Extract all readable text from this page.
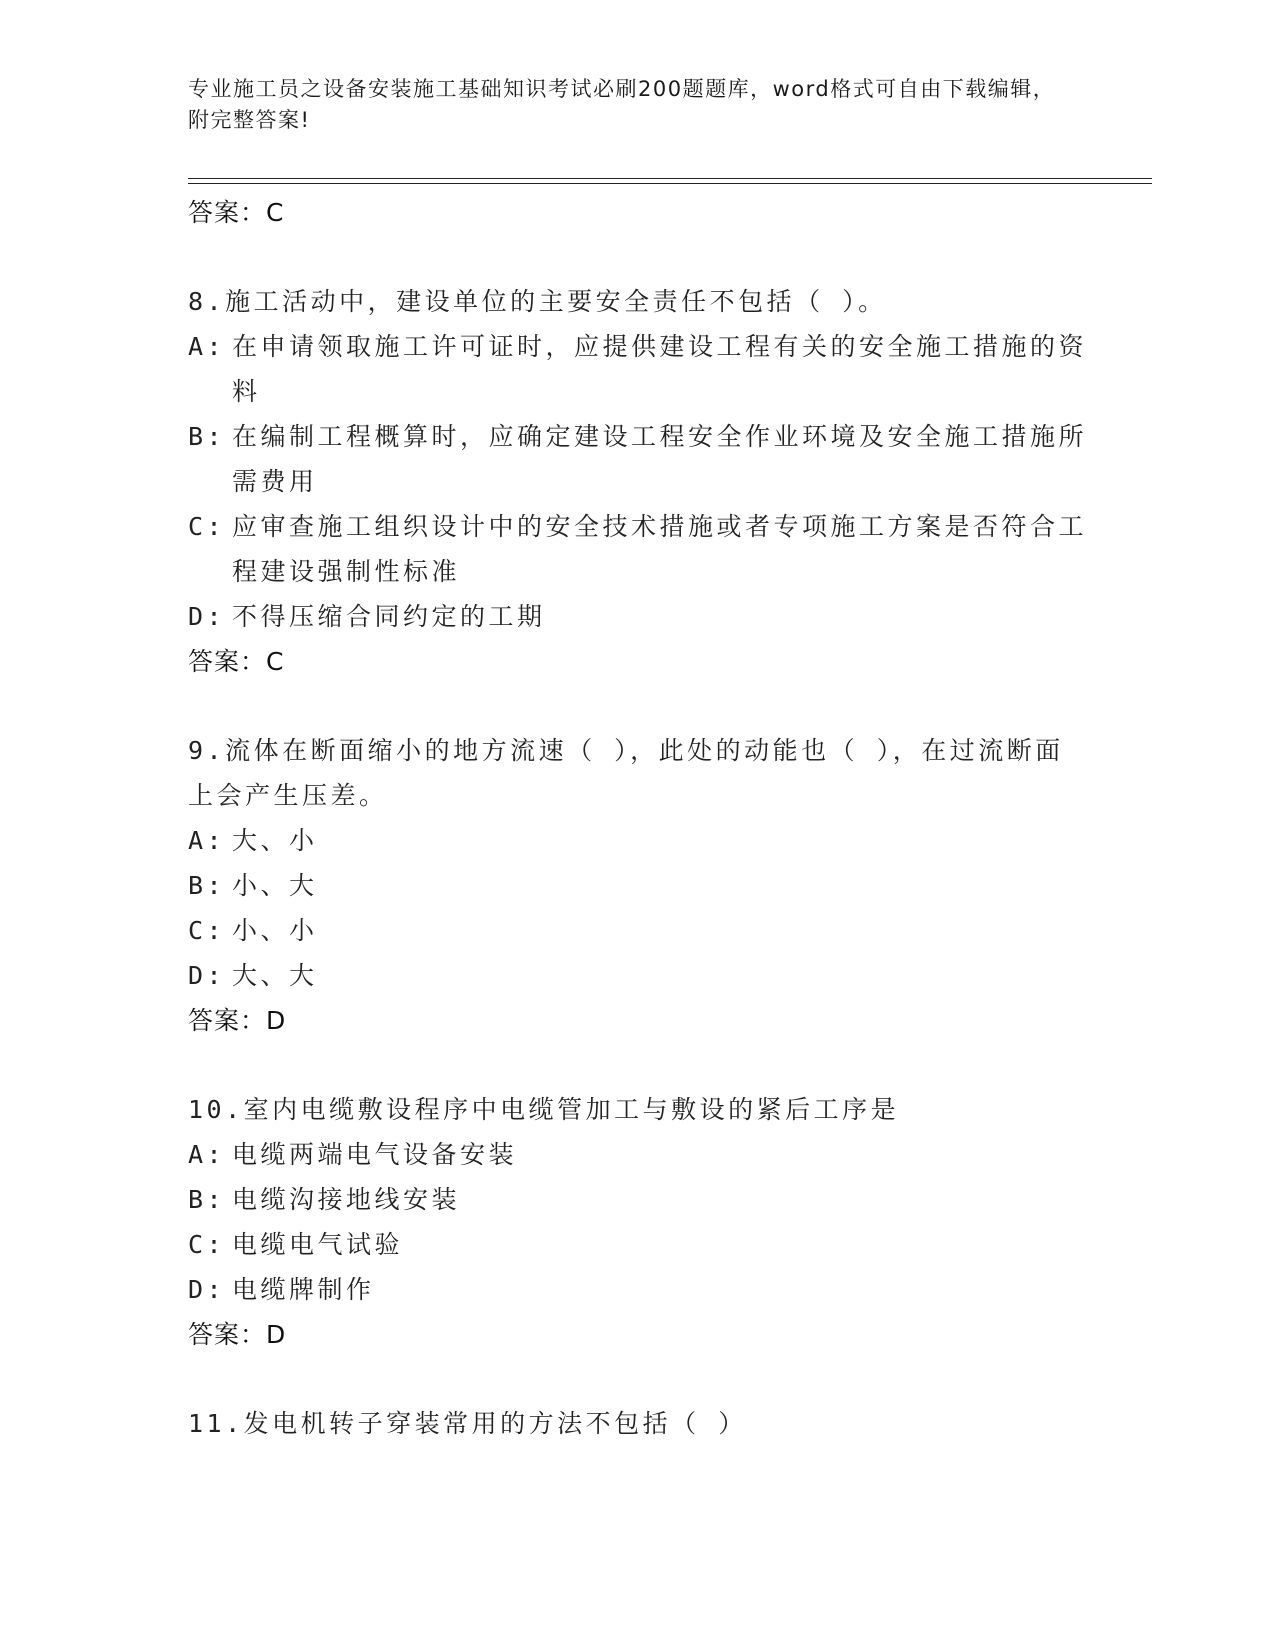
专业施工员之设备安装施工基础知识考试必刷200题题库，word格式可自由下载编辑，附完整答案!
答案：C
8.施工活动中，建设单位的主要安全责任不包括（ ）。
A: 在申请领取施工许可证时，应提供建设工程有关的安全施工措施的资料
B: 在编制工程概算时，应确定建设工程安全作业环境及安全施工措施所需费用
C: 应审查施工组织设计中的安全技术措施或者专项施工方案是否符合工程建设强制性标准
D: 不得压缩合同约定的工期
答案：C
9.流体在断面缩小的地方流速（ ），此处的动能也（ ），在过流断面上会产生压差。
A: 大、小
B: 小、大
C: 小、小
D: 大、大
答案：D
10.室内电缆敷设程序中电缆管加工与敷设的紧后工序是
A: 电缆两端电气设备安装
B: 电缆沟接地线安装
C: 电缆电气试验
D: 电缆牌制作
答案：D
11.发电机转子穿装常用的方法不包括（ ）
